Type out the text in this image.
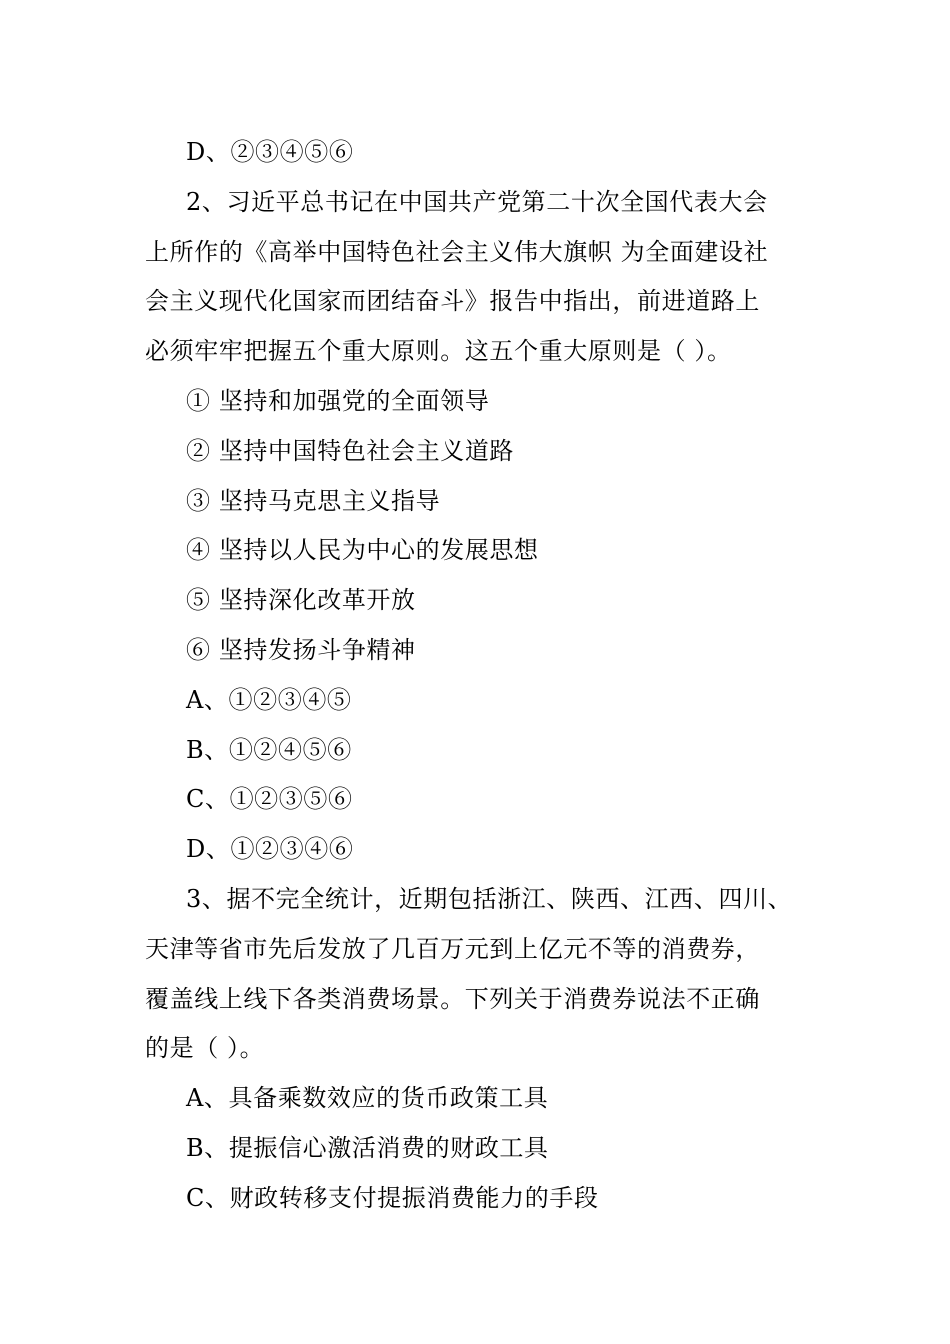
D、②③④⑤⑥
2、习近平总书记在中国共产党第二十次全国代表大会
上所作的《高举中国特色社会主义伟大旗帜 为全面建设社
会主义现代化国家而团结奋斗》报告中指出，前进道路上
必须牢牢把握五个重大原则。这五个重大原则是（ ）。
① 坚持和加强党的全面领导
② 坚持中国特色社会主义道路
③ 坚持马克思主义指导
④ 坚持以人民为中心的发展思想
⑤ 坚持深化改革开放
⑥ 坚持发扬斗争精神
A、①②③④⑤
B、①②④⑤⑥
C、①②③⑤⑥
D、①②③④⑥
3、据不完全统计，近期包括浙江、陕西、江西、四川、
天津等省市先后发放了几百万元到上亿元不等的消费券，
覆盖线上线下各类消费场景。下列关于消费券说法不正确
的是（ ）。
A、具备乘数效应的货币政策工具
B、提振信心激活消费的财政工具
C、财政转移支付提振消费能力的手段
